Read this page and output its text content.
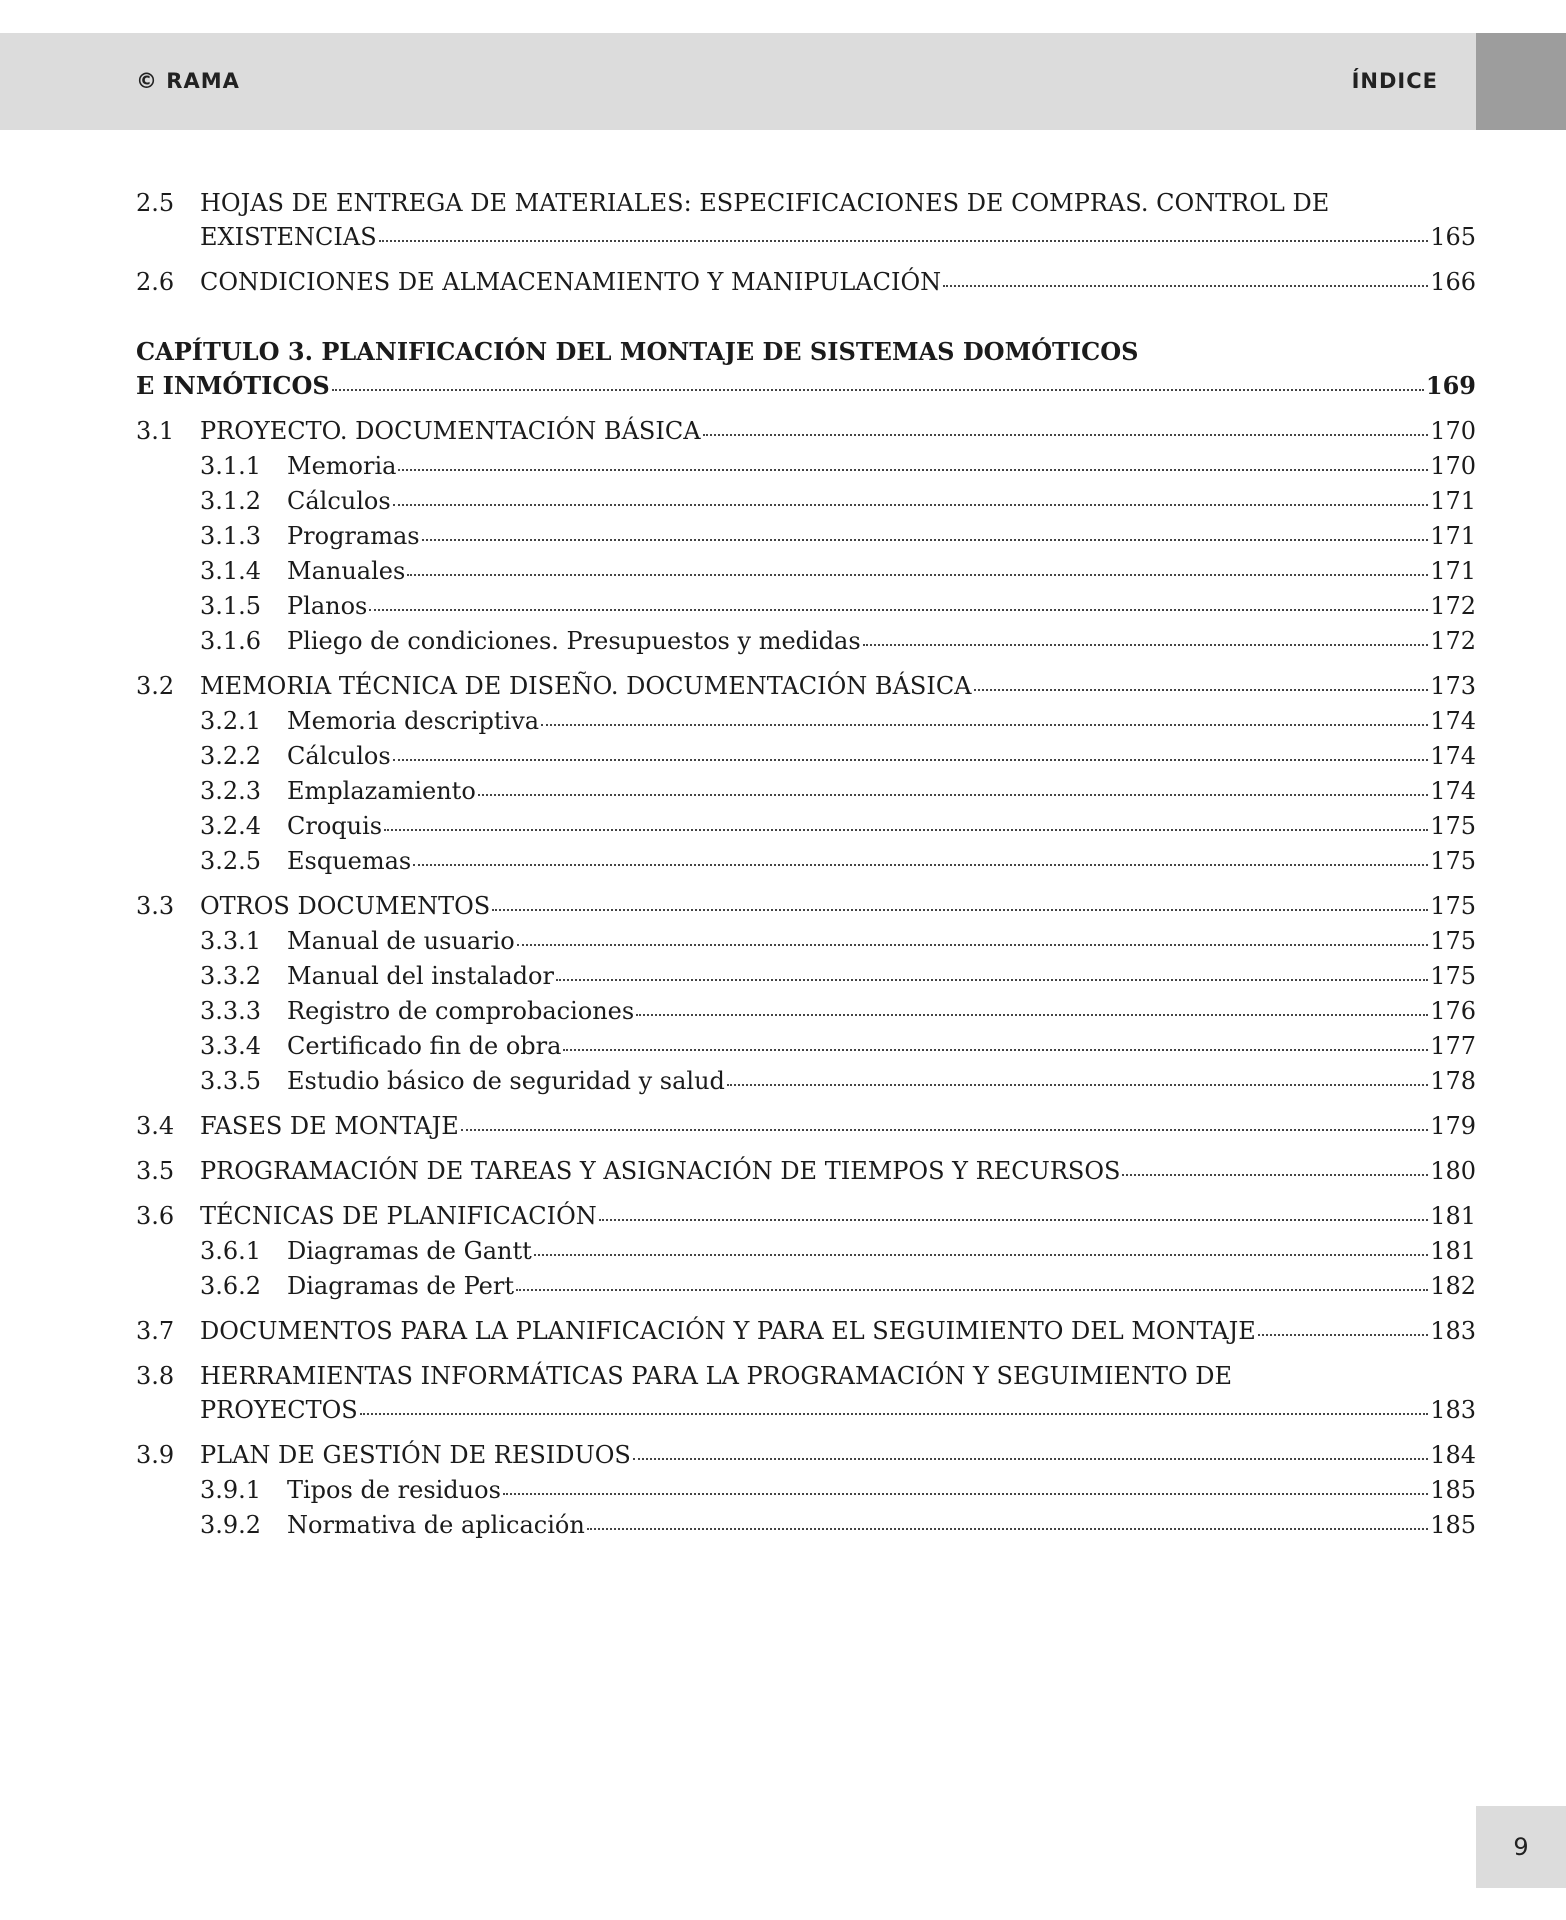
© RAMA	ÍNDICE
2.5 HOJAS DE ENTREGA DE MATERIALES: ESPECIFICACIONES DE COMPRAS. CONTROL DE
EXISTENCIAS	165
2.6 CONDICIONES DE ALMACENAMIENTO Y MANIPULACIÓN	166
CAPÍTULO 3. PLANIFICACIÓN DEL MONTAJE DE SISTEMAS DOMÓTICOS
E INMÓTICOS	169
3.1 PROYECTO. DOCUMENTACIÓN BÁSICA	170
3.1.1 Memoria	170
3.1.2 Cálculos	171
3.1.3 Programas	171
3.1.4 Manuales	171
3.1.5 Planos	172
3.1.6 Pliego de condiciones. Presupuestos y medidas	172
3.2 MEMORIA TÉCNICA DE DISEÑO. DOCUMENTACIÓN BÁSICA	173
3.2.1 Memoria descriptiva	174
3.2.2 Cálculos	174
3.2.3 Emplazamiento	174
3.2.4 Croquis	175
3.2.5 Esquemas	175
3.3 OTROS DOCUMENTOS	175
3.3.1 Manual de usuario	175
3.3.2 Manual del instalador	175
3.3.3 Registro de comprobaciones	176
3.3.4 Certificado fin de obra	177
3.3.5 Estudio básico de seguridad y salud	178
3.4 FASES DE MONTAJE	179
3.5 PROGRAMACIÓN DE TAREAS Y ASIGNACIÓN DE TIEMPOS Y RECURSOS	180
3.6 TÉCNICAS DE PLANIFICACIÓN	181
3.6.1 Diagramas de Gantt	181
3.6.2 Diagramas de Pert	182
3.7 DOCUMENTOS PARA LA PLANIFICACIÓN Y PARA EL SEGUIMIENTO DEL MONTAJE	183
3.8 HERRAMIENTAS INFORMÁTICAS PARA LA PROGRAMACIÓN Y SEGUIMIENTO DE
PROYECTOS	183
3.9 PLAN DE GESTIÓN DE RESIDUOS	184
3.9.1 Tipos de residuos	185
3.9.2 Normativa de aplicación	185
9
